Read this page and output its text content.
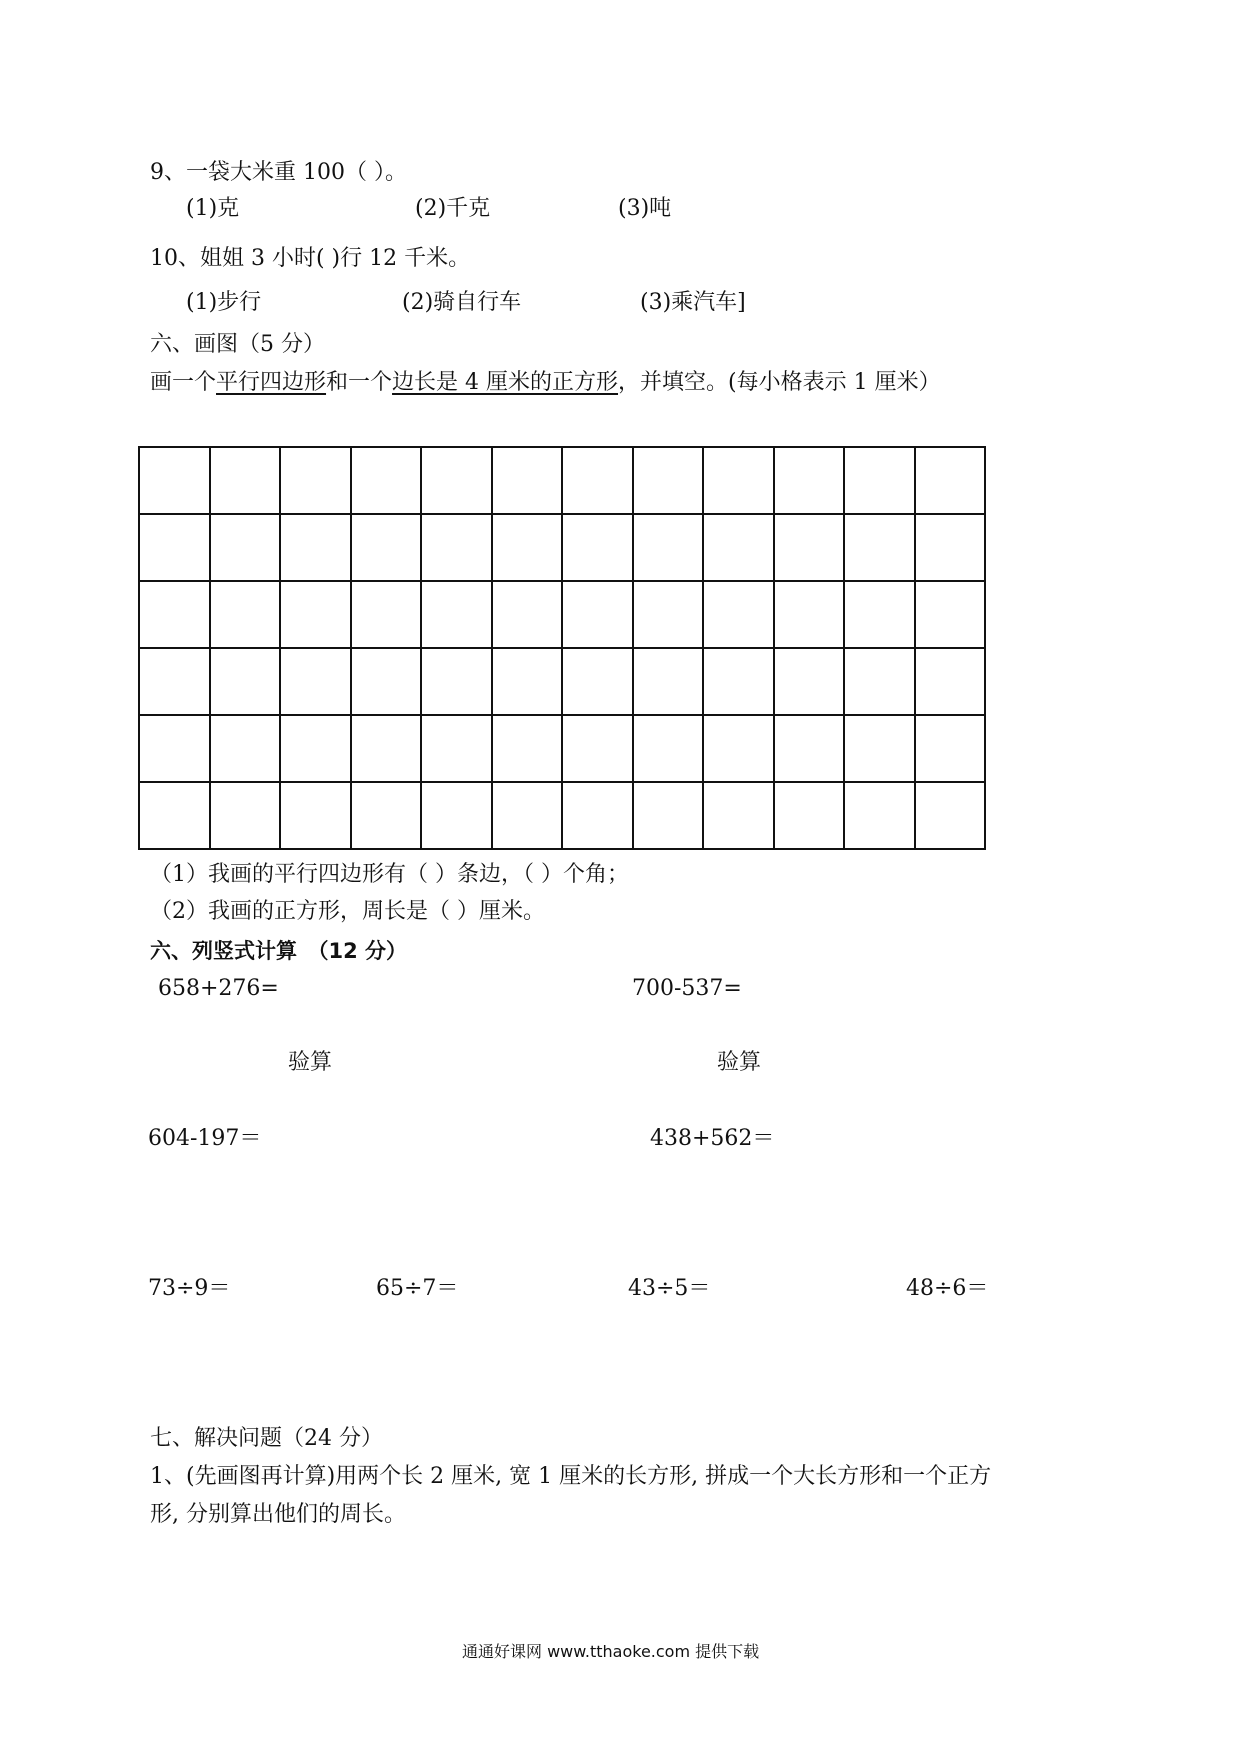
9、一袋大米重 100（ ）。
(1)克	(2)千克	(3)吨
10、姐姐 3 小时( )行 12 千米。
(1)步行	(2)骑自行车	(3)乘汽车]
六、画图（5 分）
画一个平行四边形和一个边长是 4 厘米的正方形，并填空。(每小格表示 1 厘米）
（1）我画的平行四边形有（ ）条边，（ ）个角；
（2）我画的正方形，周长是（ ）厘米。
六、列竖式计算　（12 分）
658+276=	700-537=
验算	验算
604-197＝	438+562＝
73÷9＝	65÷7＝	43÷5＝	48÷6＝
七、解决问题（24 分）
1、(先画图再计算)用两个长 2 厘米, 宽 1 厘米的长方形, 拼成一个大长方形和一个正方
形, 分别算出他们的周长。
通通好课网 www.tthaoke.com 提供下载
